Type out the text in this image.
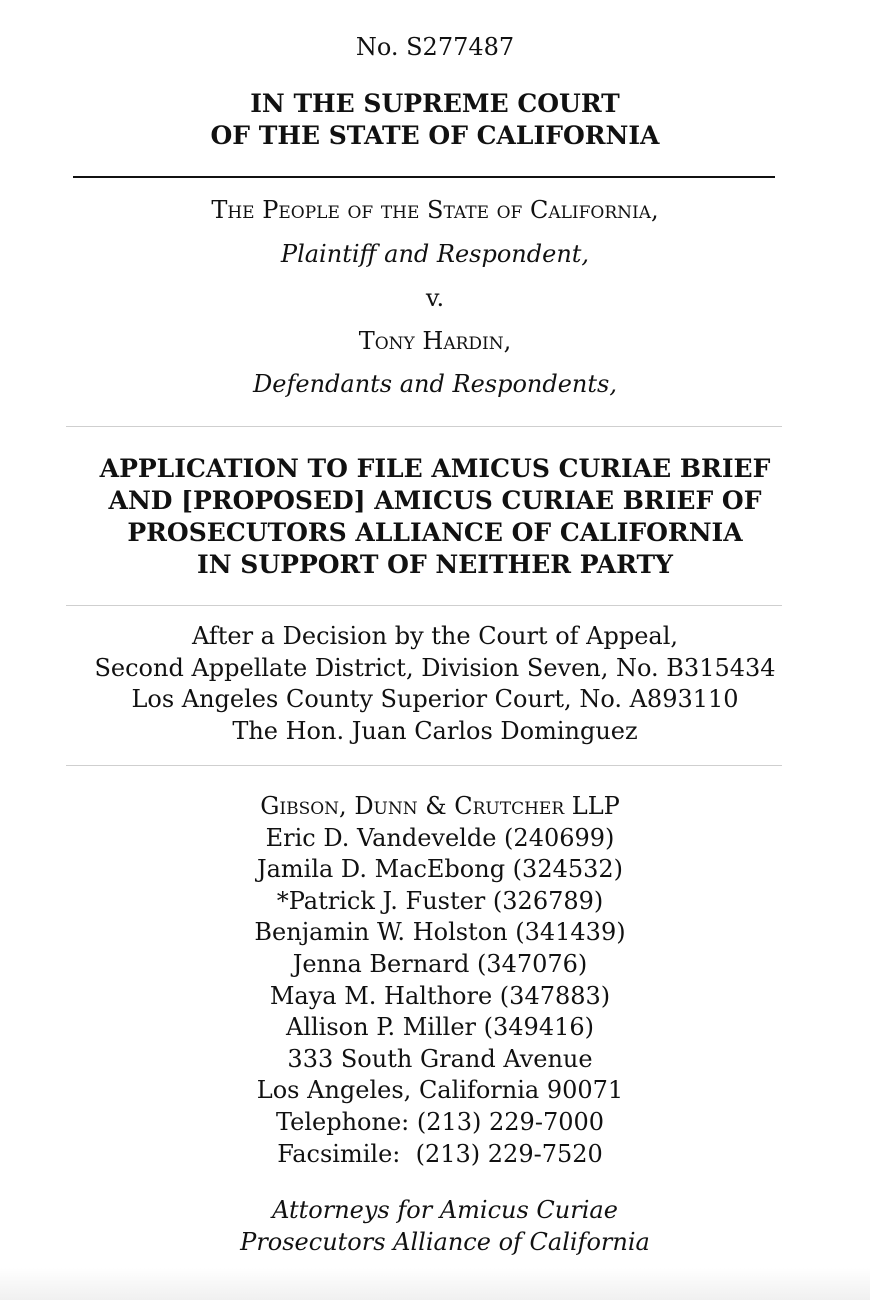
No. S277487
IN THE SUPREME COURT
OF THE STATE OF CALIFORNIA
The People of the State of California,
Plaintiff and Respondent,
v.
Tony Hardin,
Defendants and Respondents,
APPLICATION TO FILE AMICUS CURIAE BRIEF
AND [PROPOSED] AMICUS CURIAE BRIEF OF
PROSECUTORS ALLIANCE OF CALIFORNIA
IN SUPPORT OF NEITHER PARTY
After a Decision by the Court of Appeal,
Second Appellate District, Division Seven, No. B315434
Los Angeles County Superior Court, No. A893110
The Hon. Juan Carlos Dominguez
Gibson, Dunn & Crutcher LLP
Eric D. Vandevelde (240699)
Jamila D. MacEbong (324532)
*Patrick J. Fuster (326789)
Benjamin W. Holston (341439)
Jenna Bernard (347076)
Maya M. Halthore (347883)
Allison P. Miller (349416)
333 South Grand Avenue
Los Angeles, California 90071
Telephone: (213) 229-7000
Facsimile:  (213) 229-7520
Attorneys for Amicus Curiae
Prosecutors Alliance of California
